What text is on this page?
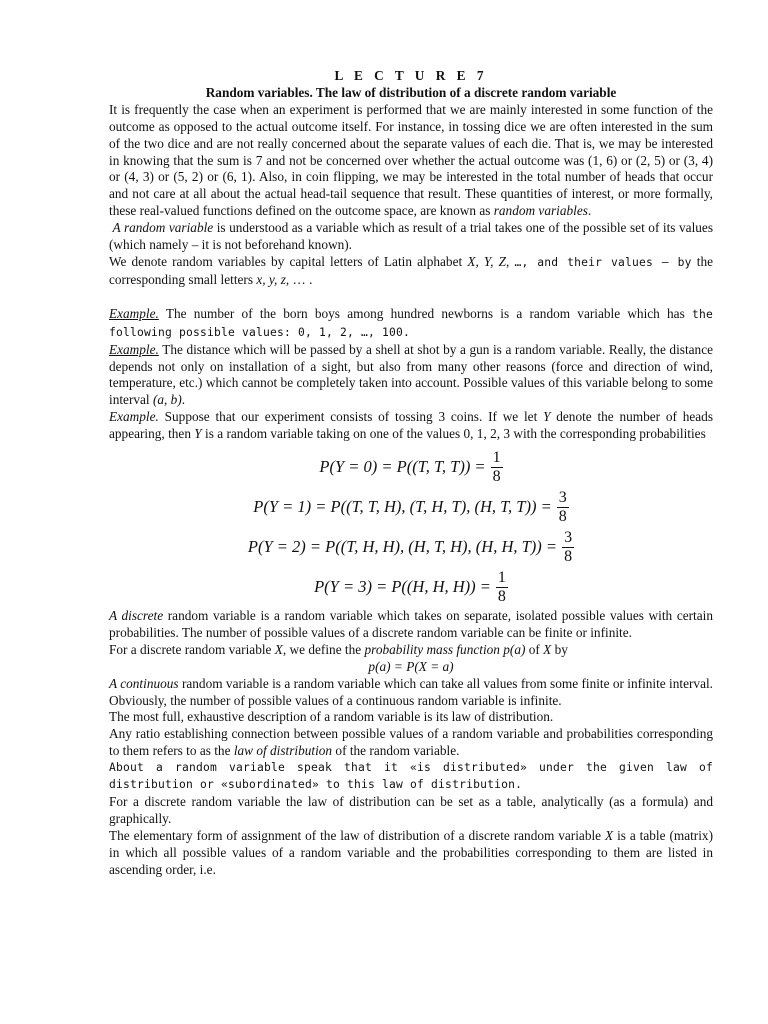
L E C T U R E 7

Random variables. The law of distribution of a discrete random variable

It is frequently the case when an experiment is performed that we are mainly interested in some function of the outcome as opposed to the actual outcome itself. For instance, in tossing dice we are often interested in the sum of the two dice and are not really concerned about the separate values of each die. That is, we may be interested in knowing that the sum is 7 and not be concerned over whether the actual outcome was (1, 6) or (2, 5) or (3, 4) or (4, 3) or (5, 2) or (6, 1). Also, in coin flipping, we may be interested in the total number of heads that occur and not care at all about the actual head-tail sequence that result. These quantities of interest, or more formally, these real-valued functions defined on the outcome space, are known as random variables.

A random variable is understood as a variable which as result of a trial takes one of the possible set of its values (which namely – it is not beforehand known).

We denote random variables by capital letters of Latin alphabet X, Y, Z, …, and their values – by the corresponding small letters x, y, z, … .

Example. The number of the born boys among hundred newborns is a random variable which has the following possible values: 0, 1, 2, …, 100.

Example. The distance which will be passed by a shell at shot by a gun is a random variable. Really, the distance depends not only on installation of a sight, but also from many other reasons (force and direction of wind, temperature, etc.) which cannot be completely taken into account. Possible values of this variable belong to some interval (a, b).

Example. Suppose that our experiment consists of tossing 3 coins. If we let Y denote the number of heads appearing, then Y is a random variable taking on one of the values 0, 1, 2, 3 with the corresponding probabilities

P(Y = 0) = P((T, T, $T)) = \frac{1}{8}$
P(Y = 1) = P((T, T, H), (T, H, T), (H, T, $T)) = \frac{3}{8}$
P(Y = 2) = P((T, H, H), (H, T, H), (H, H, $T)) = \frac{3}{8}$
P(Y = 3) = P((H, H, $H)) = \frac{1}{8}$

A discrete random variable is a random variable which takes on separate, isolated possible values with certain probabilities. The number of possible values of a discrete random variable can be finite or infinite.

For a discrete random variable X, we define the probability mass function p(a) of X by

p(a) = P(X = a)

A continuous random variable is a random variable which can take all values from some finite or infinite interval. Obviously, the number of possible values of a continuous random variable is infinite.

The most full, exhaustive description of a random variable is its law of distribution.

Any ratio establishing connection between possible values of a random variable and probabilities corresponding to them refers to as the law of distribution of the random variable.

About a random variable speak that it «is distributed» under the given law of distribution or «subordinated» to this law of distribution.

For a discrete random variable the law of distribution can be set as a table, analytically (as a formula) and graphically.

The elementary form of assignment of the law of distribution of a discrete random variable X is a table (matrix) in which all possible values of a random variable and the probabilities corresponding to them are listed in ascending order, i.e.
